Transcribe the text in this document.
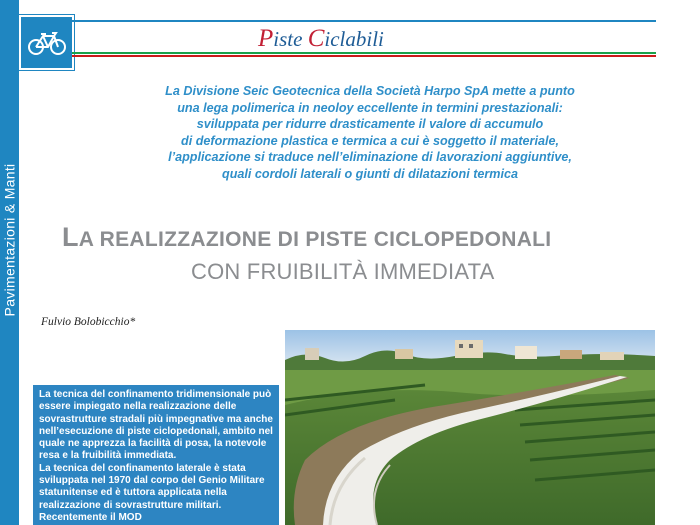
Pavimentazioni & Manti
Piste Ciclabili
La Divisione Seic Geotecnica della Società Harpo SpA mette a punto
una lega polimerica in neoloy eccellente in termini prestazionali:
sviluppata per ridurre drasticamente il valore di accumulo
di deformazione plastica e termica a cui è soggetto il materiale,
l’applicazione si traduce nell’eliminazione di lavorazioni aggiuntive,
quali cordoli laterali o giunti di dilatazioni termica
LA REALIZZAZIONE DI PISTE CICLOPEDONALI
CON FRUIBILITÀ IMMEDIATA
Fulvio Bolobicchio*

La tecnica del confinamento tridimensionale può essere impiegato nella realizzazione delle sovrastrutture stradali più impegnative ma anche nell’esecuzione di piste ciclopedonali, ambito nel quale ne apprezza la facilità di posa, la notevole resa e la fruibilità immediata.

La tecnica del confinamento laterale è stata sviluppata nel 1970 dal corpo del Genio Militare statunitense ed è tuttora applicata nella realizzazione di sovrastrutture militari. Recentemente il MOD
